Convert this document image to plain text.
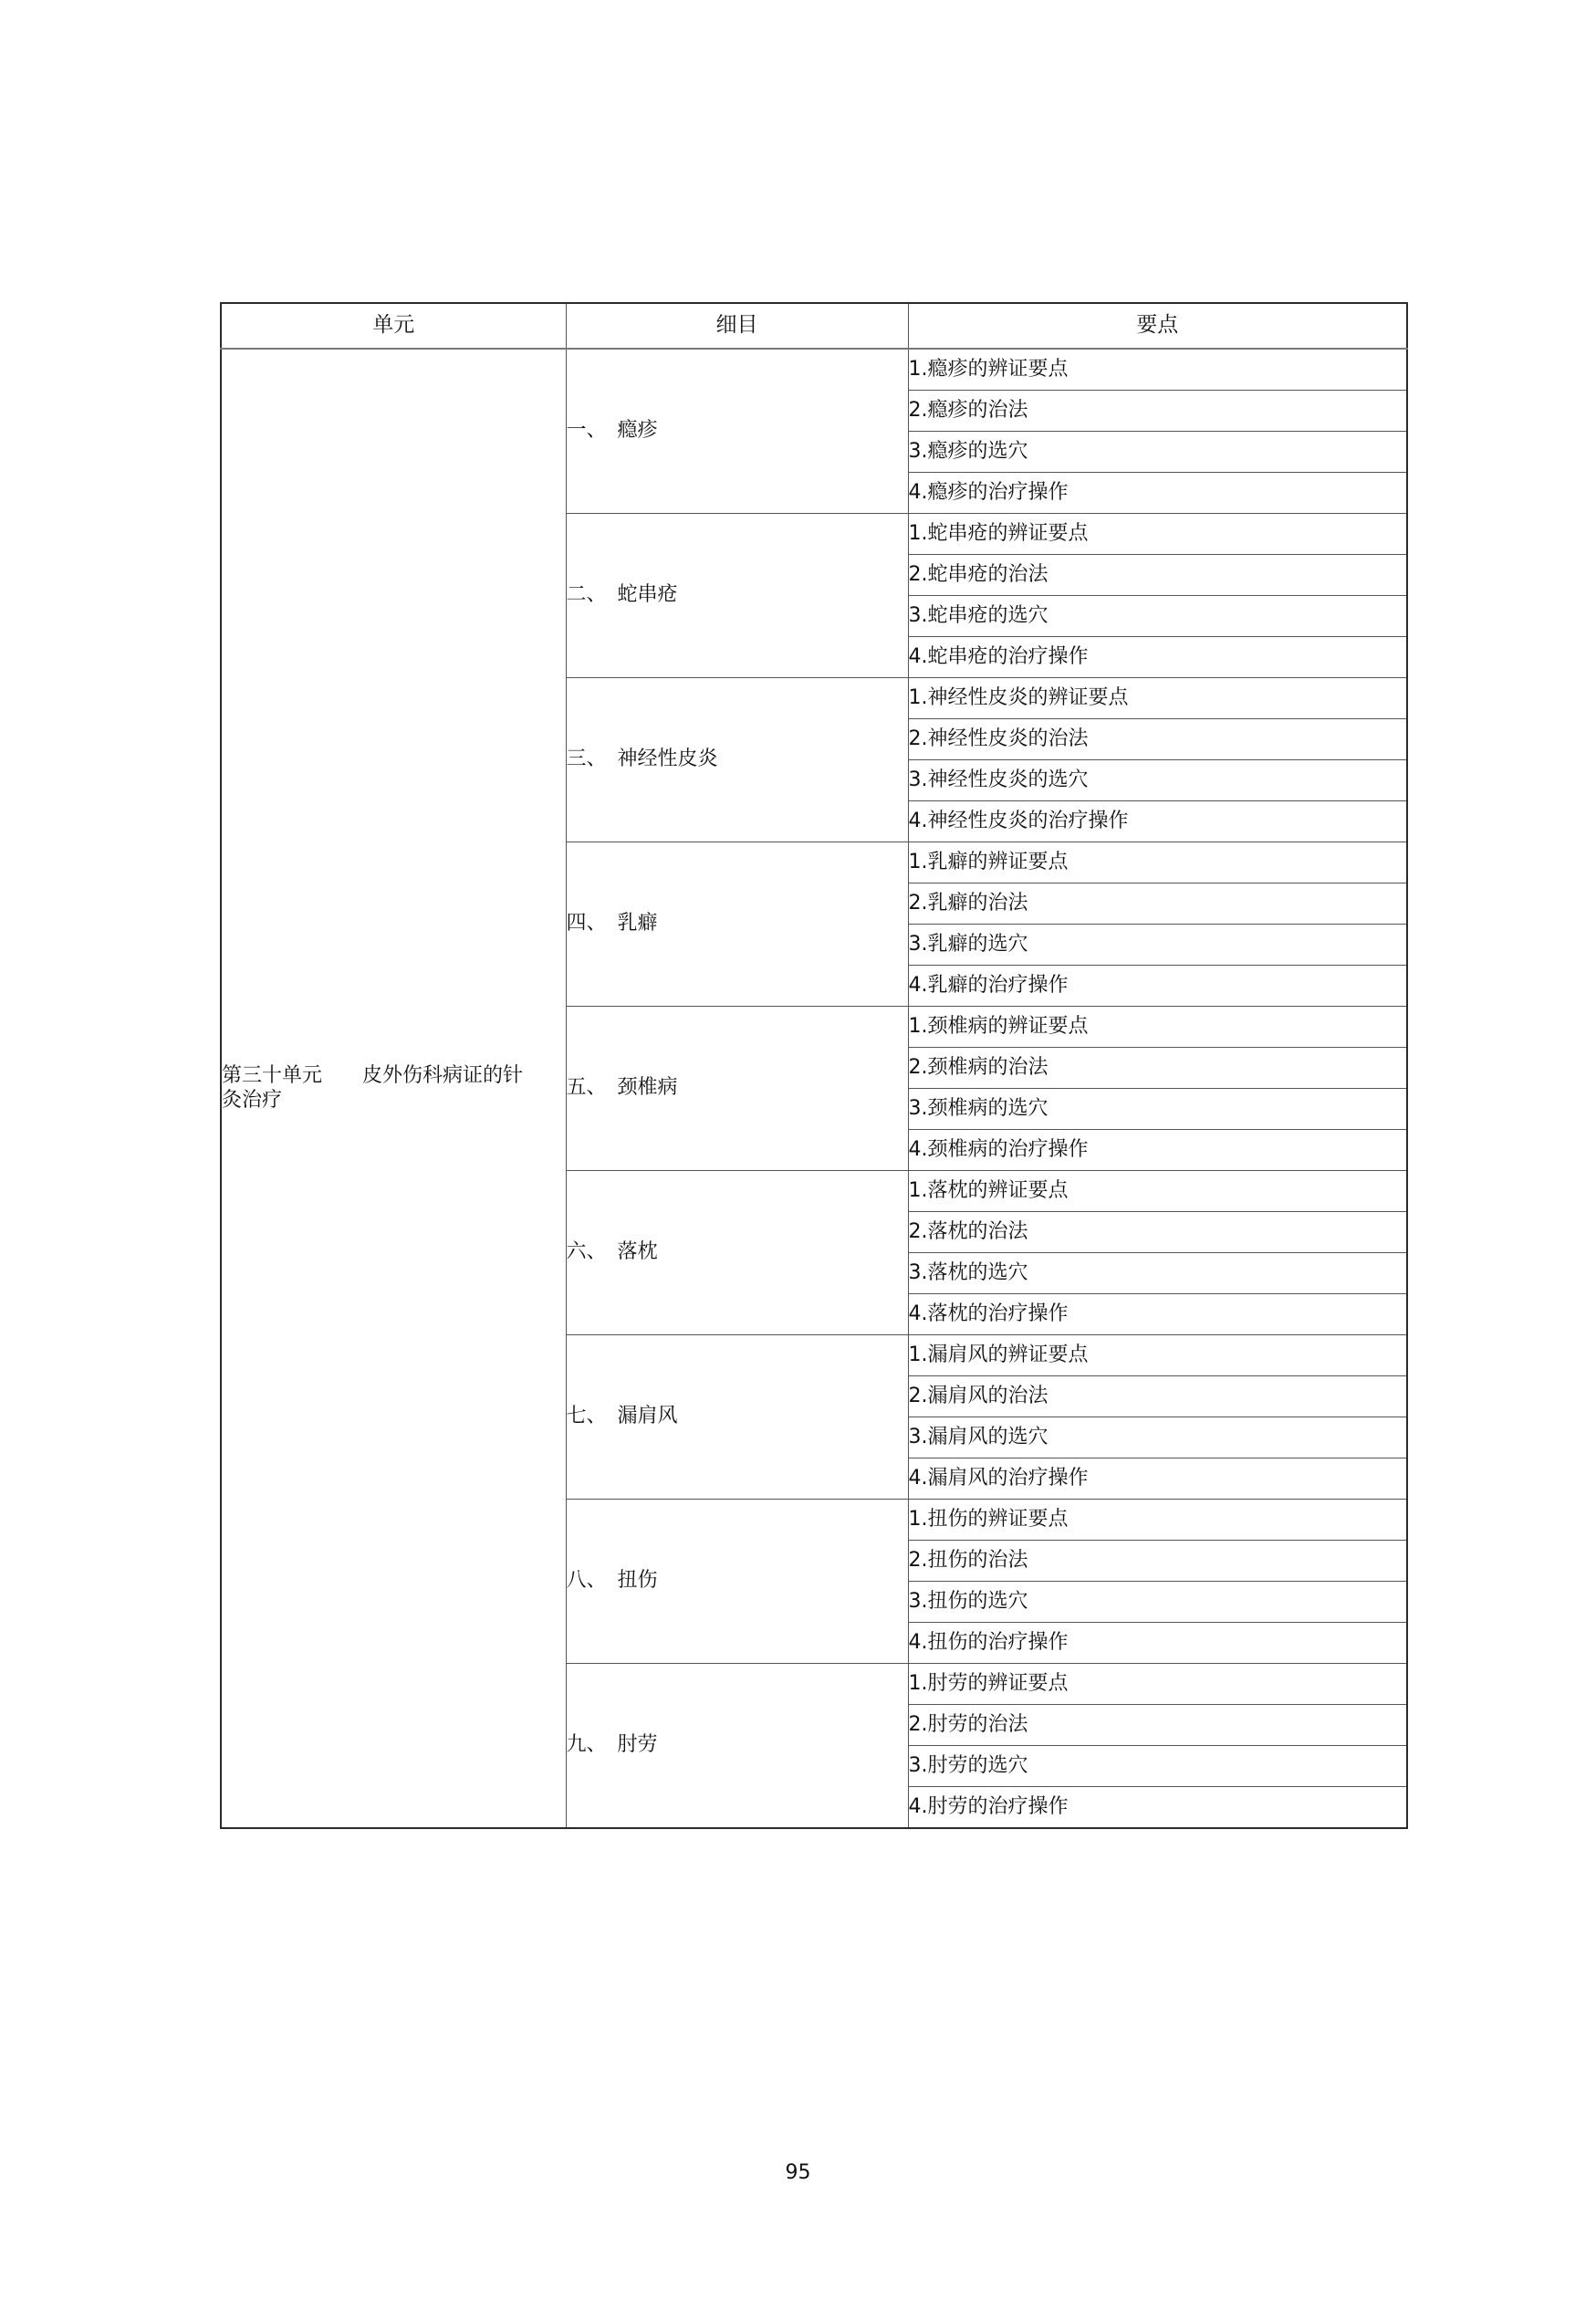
单元	细目	要点

第三十单元　　皮外伤科病证的针
灸治疗	一、 瘾疹	1.瘾疹的辨证要点
		2.瘾疹的治法
		3.瘾疹的选穴
		4.瘾疹的治疗操作
	二、 蛇串疮	1.蛇串疮的辨证要点
		2.蛇串疮的治法
		3.蛇串疮的选穴
		4.蛇串疮的治疗操作
	三、 神经性皮炎	1.神经性皮炎的辨证要点
		2.神经性皮炎的治法
		3.神经性皮炎的选穴
		4.神经性皮炎的治疗操作
	四、 乳癖	1.乳癖的辨证要点
		2.乳癖的治法
		3.乳癖的选穴
		4.乳癖的治疗操作
	五、 颈椎病	1.颈椎病的辨证要点
		2.颈椎病的治法
		3.颈椎病的选穴
		4.颈椎病的治疗操作
	六、 落枕	1.落枕的辨证要点
		2.落枕的治法
		3.落枕的选穴
		4.落枕的治疗操作
	七、 漏肩风	1.漏肩风的辨证要点
		2.漏肩风的治法
		3.漏肩风的选穴
		4.漏肩风的治疗操作
	八、 扭伤	1.扭伤的辨证要点
		2.扭伤的治法
		3.扭伤的选穴
		4.扭伤的治疗操作
	九、 肘劳	1.肘劳的辨证要点
		2.肘劳的治法
		3.肘劳的选穴
		4.肘劳的治疗操作
95
